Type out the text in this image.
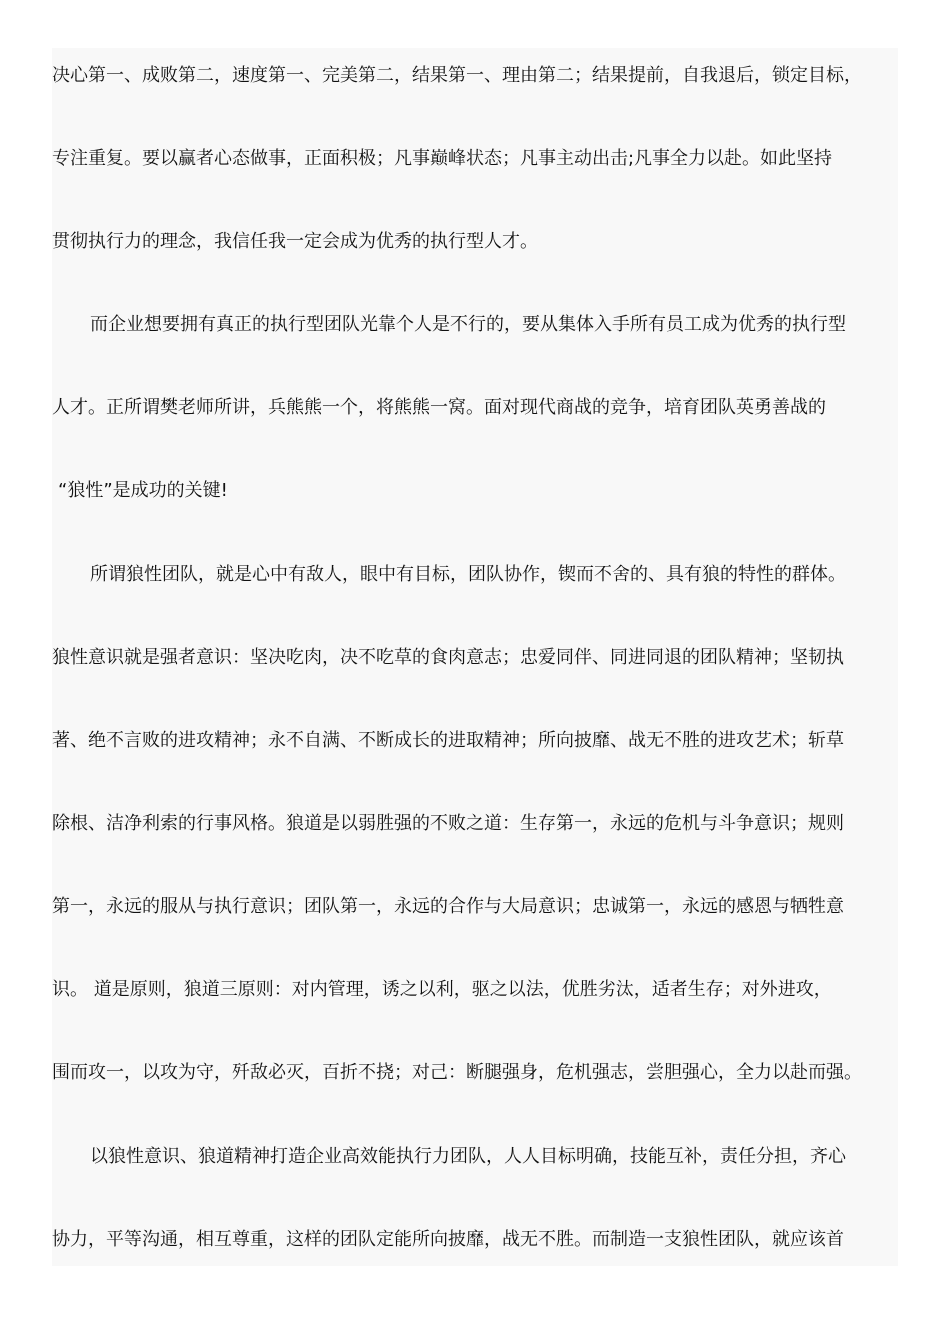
决心第一、成败第二，速度第一、完美第二，结果第一、理由第二；结果提前，自我退后，锁定目标，
专注重复。要以赢者心态做事，正面积极；凡事巅峰状态；凡事主动出击;凡事全力以赴。如此坚持
贯彻执行力的理念，我信任我一定会成为优秀的执行型人才。
而企业想要拥有真正的执行型团队光靠个人是不行的，要从集体入手所有员工成为优秀的执行型
人才。正所谓樊老师所讲，兵熊熊一个，将熊熊一窝。面对现代商战的竞争，培育团队英勇善战的
“狼性”是成功的关键!
所谓狼性团队，就是心中有敌人，眼中有目标，团队协作，锲而不舍的、具有狼的特性的群体。
狼性意识就是强者意识：坚决吃肉，决不吃草的食肉意志；忠爱同伴、同进同退的团队精神；坚韧执
著、绝不言败的进攻精神；永不自满、不断成长的进取精神；所向披靡、战无不胜的进攻艺术；斩草
除根、洁净利索的行事风格。狼道是以弱胜强的不败之道：生存第一，永远的危机与斗争意识；规则
第一，永远的服从与执行意识；团队第一，永远的合作与大局意识；忠诚第一，永远的感恩与牺牲意
识。 道是原则，狼道三原则：对内管理，诱之以利，驱之以法，优胜劣汰，适者生存；对外进攻，
围而攻一，以攻为守，歼敌必灭，百折不挠；对己：断腿强身，危机强志，尝胆强心，全力以赴而强。
以狼性意识、狼道精神打造企业高效能执行力团队，人人目标明确，技能互补，责任分担，齐心
协力，平等沟通，相互尊重，这样的团队定能所向披靡，战无不胜。而制造一支狼性团队，就应该首
